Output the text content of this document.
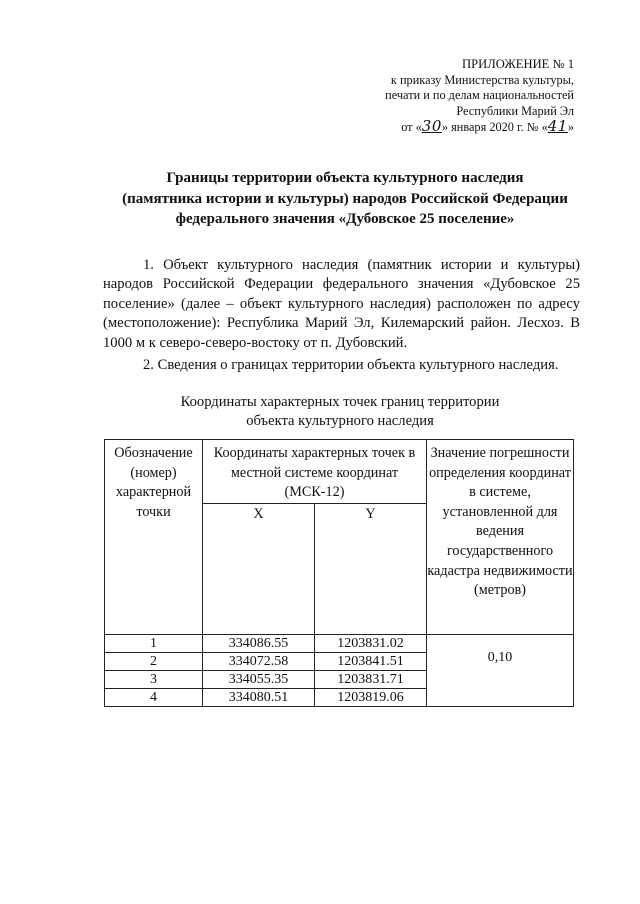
ПРИЛОЖЕНИЕ № 1
к приказу Министерства культуры,
печати и по делам национальностей
Республики Марий Эл
от «30» января 2020 г. № «41»
Границы территории объекта культурного наследия
(памятника истории и культуры) народов Российской Федерации
федерального значения «Дубовское 25 поселение»
1. Объект культурного наследия (памятник истории и культуры) народов Российской Федерации федерального значения «Дубовское 25 поселение» (далее – объект культурного наследия) расположен по адресу (местоположение): Республика Марий Эл, Килемарский район. Лесхоз. В 1000 м к северо-северо-востоку от п. Дубовский.
2. Сведения о границах территории объекта культурного наследия.
Координаты характерных точек границ территории
объекта культурного наследия
Обозначение (номер) характерной точки	Координаты характерных точек в местной системе координат (МСК-12)		Значение погрешности определения координат в системе, установленной для ведения государственного кадастра недвижимости (метров)
	X	Y	
1	334086.55	1203831.02	0,10
2	334072.58	1203841.51	
3	334055.35	1203831.71	
4	334080.51	1203819.06	
